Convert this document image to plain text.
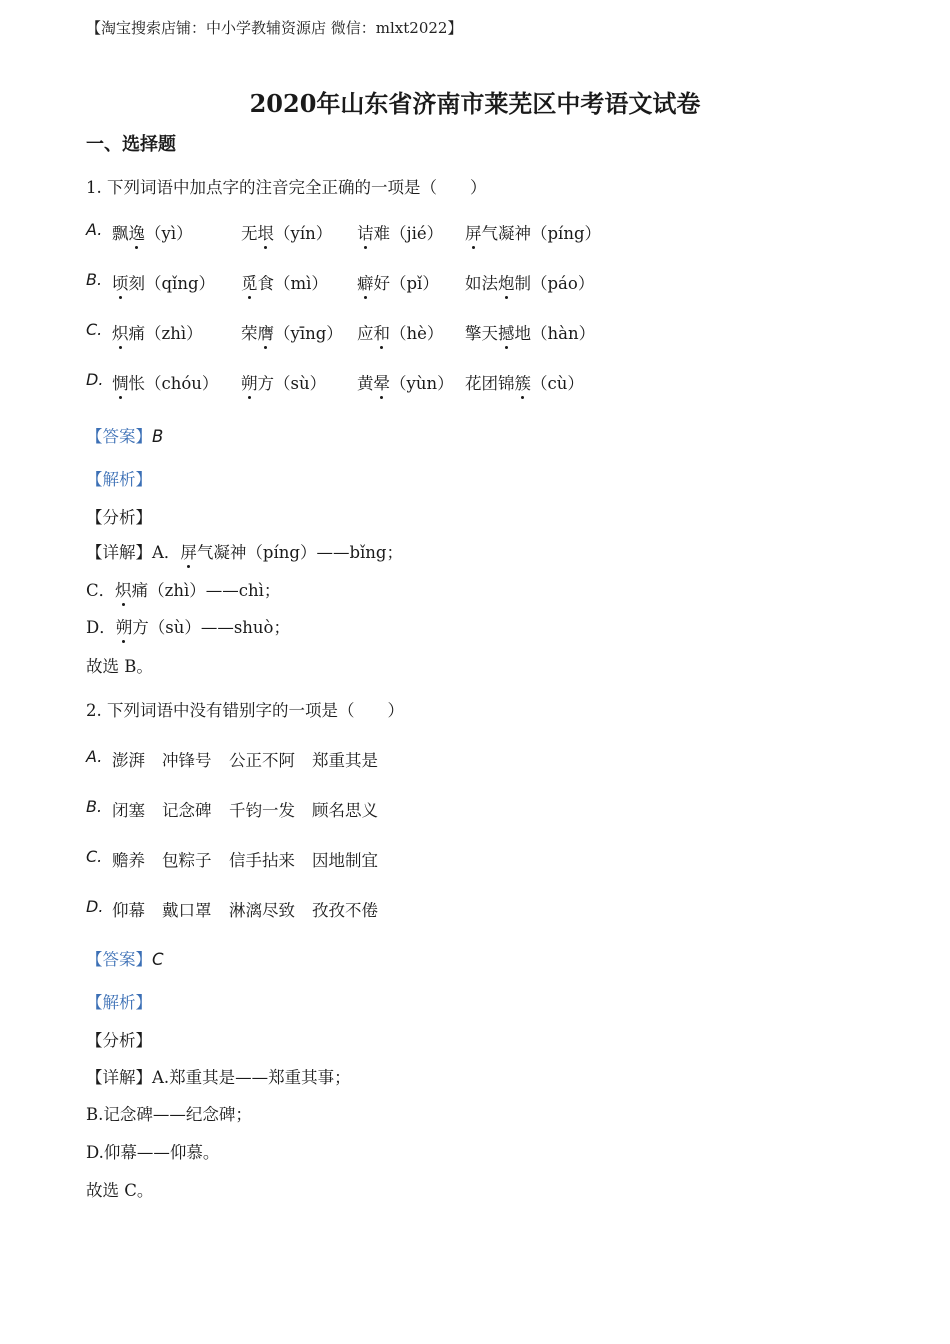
【淘宝搜索店铺：中小学教辅资源店 微信：mlxt2022】
2020年山东省济南市莱芜区中考语文试卷
一、选择题
1. 下列词语中加点字的注音完全正确的一项是（　　）
A. 飘逸（yì）	无垠（yín） 诘难（jié） 屏气凝神（píng）
B. 顷刻（qǐng） 觅食（mì） 癖好（pǐ） 如法炮制（páo）
C. 炽痛（zhì） 荣膺（yīng） 应和（hè） 擎天撼地（hàn）
D. 惆怅（chóu） 朔方（sù） 黄晕（yùn） 花团锦簇（cù）
【答案】B
【解析】
【分析】
【详解】A．屏气凝神（píng）——bǐng；
C．炽痛（zhì）——chì；
D．朔方（sù）——shuò；
故选 B。
2. 下列词语中没有错别字的一项是（　　）
A. 澎湃 冲锋号 公正不阿 郑重其是
B. 闭塞 记念碑 千钧一发 顾名思义
C. 赡养 包粽子 信手拈来 因地制宜
D. 仰幕 戴口罩 淋漓尽致 孜孜不倦
【答案】C
【解析】
【分析】
【详解】A.郑重其是——郑重其事；
B.记念碑——纪念碑；
D.仰幕——仰慕。
故选 C。
